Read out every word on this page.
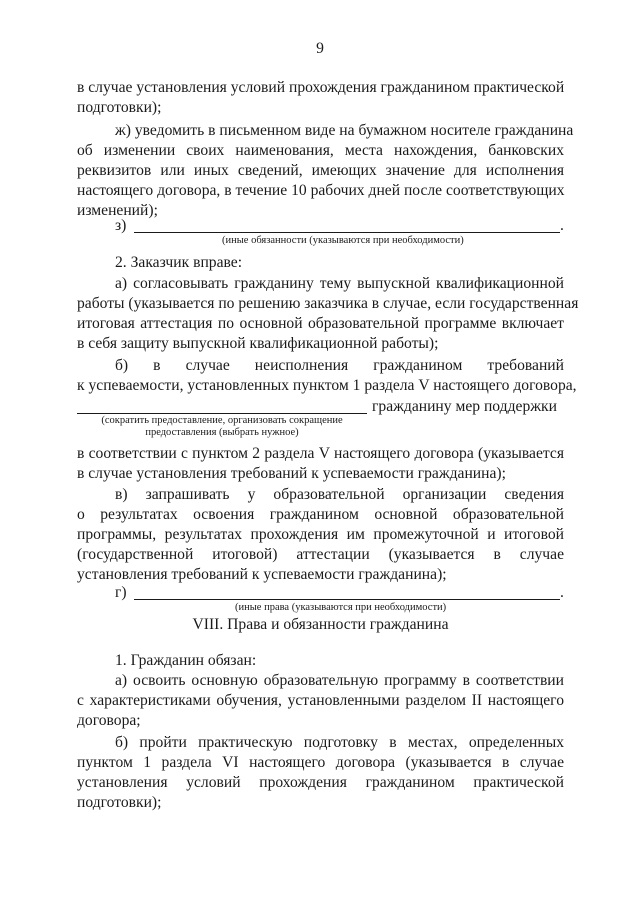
9
в случае установления условий прохождения гражданином практической
подготовки);
ж) уведомить в письменном виде на бумажном носителе гражданина
об изменении своих наименования, места нахождения, банковских
реквизитов или иных сведений, имеющих значение для исполнения
настоящего договора, в течение 10 рабочих дней после соответствующих
изменений);
з)	.
(иные обязанности (указываются при необходимости)
2. Заказчик вправе:
а) согласовывать гражданину тему выпускной квалификационной
работы (указывается по решению заказчика в случае, если государственная
итоговая аттестация по основной образовательной программе включает
в себя защиту выпускной квалификационной работы);
б) в случае неисполнения гражданином требований
к успеваемости, установленных пунктом 1 раздела V настоящего договора,
гражданину мер поддержки
(сократить предоставление, организовать сокращение
предоставления (выбрать нужное)
в соответствии с пунктом 2 раздела V настоящего договора (указывается
в случае установления требований к успеваемости гражданина);
в) запрашивать у образовательной организации сведения
о результатах освоения гражданином основной образовательной
программы, результатах прохождения им промежуточной и итоговой
(государственной итоговой) аттестации (указывается в случае
установления требований к успеваемости гражданина);
г)	.
(иные права (указываются при необходимости)
VIII. Права и обязанности гражданина
1. Гражданин обязан:
а) освоить основную образовательную программу в соответствии
с характеристиками обучения, установленными разделом II настоящего
договора;
б) пройти практическую подготовку в местах, определенных
пунктом 1 раздела VI настоящего договора (указывается в случае
установления условий прохождения гражданином практической
подготовки);
